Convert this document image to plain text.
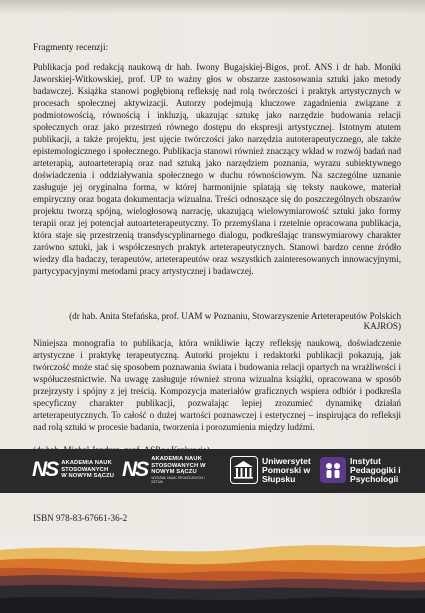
Fragmenty recenzji:

Publikacja pod redakcją naukową dr hab. Iwony Bugajskiej-Bigos, prof. ANS i dr hab. Moniki Jaworskiej-Witkowskiej, prof. UP to ważny głos w obszarze zastosowania sztuki jako metody badawczej. Książka stanowi pogłębioną refleksję nad rolą twórczości i praktyk artystycznych w procesach społecznej aktywizacji. Autorzy podejmują kluczowe zagadnienia związane z podmiotowością, równością i inkluzją, ukazując sztukę jako narzędzie budowania relacji społecznych oraz jako przestrzeń równego dostępu do ekspresji artystycznej. Istotnym atutem publikacji, a także projektu, jest ujęcie twórczości jako narzędzia autoterapeutycznego, ale także epistemologicznego i społecznego. Publikacja stanowi również znaczący wkład w rozwój badań nad arteterapią, autoarteterapią oraz nad sztuką jako narzędziem poznania, wyrazu subiektywnego doświadczenia i oddziaływania społecznego w duchu równościowym. Na szczególne uznanie zasługuje jej oryginalna forma, w której harmonijnie splatają się teksty naukowe, materiał empiryczny oraz bogata dokumentacja wizualna. Treści odnoszące się do poszczególnych obszarów projektu tworzą spójną, wielogłosową narrację, ukazującą wielowymiarowość sztuki jako formy terapii oraz jej potencjał autoarteterapeutyczny. To przemyślana i rzetelnie opracowana publikacja, która staje się przestrzenią transdyscyplinarnego dialogu, podkreślając transwymiarowy charakter zarówno sztuki, jak i współczesnych praktyk arteterapeutycznych. Stanowi bardzo cenne źródło wiedzy dla badaczy, terapeutów, arteterapeutów oraz wszystkich zainteresowanych innowacyjnymi, partycypacyjnymi metodami pracy artystycznej i badawczej.

(dr hab. Anita Stefańska, prof. UAM w Poznaniu, Stowarzyszenie Arteterapeutów Polskich KAJROS)

Niniejsza monografia to publikacja, która wnikliwie łączy refleksję naukową, doświadczenie artystyczne i praktykę terapeutyczną. Autorki projektu i redaktorki publikacji pokazują, jak twórczość może stać się sposobem poznawania świata i budowania relacji opartych na wrażliwości i współuczestnictwie. Na uwagę zasługuje również strona wizualna książki, opracowana w sposób przejrzysty i spójny z jej treścią. Kompozycja materiałów graficznych wspiera odbiór i podkreśla specyficzny charakter publikacji, pozwalając lepiej zrozumieć dynamikę działań arteterapeutycznych. To całość o dużej wartości poznawczej i estetycznej – inspirująca do refleksji nad rolą sztuki w procesie badania, tworzenia i porozumienia między ludźmi.

NS AKADEMIA NAUK STOSOWANYCH W NOWYM SĄCZU NS AKADEMIA NAUK STOSOWANYCH W NOWYM SĄCZU
WYDZIAŁ NAUK SPOŁECZNYCH I SZTUKI
Uniwersytet Pomorski w Słupsku
Instytut Pedagogiki i Psychologii
ISBN 978-83-67661-36-2
